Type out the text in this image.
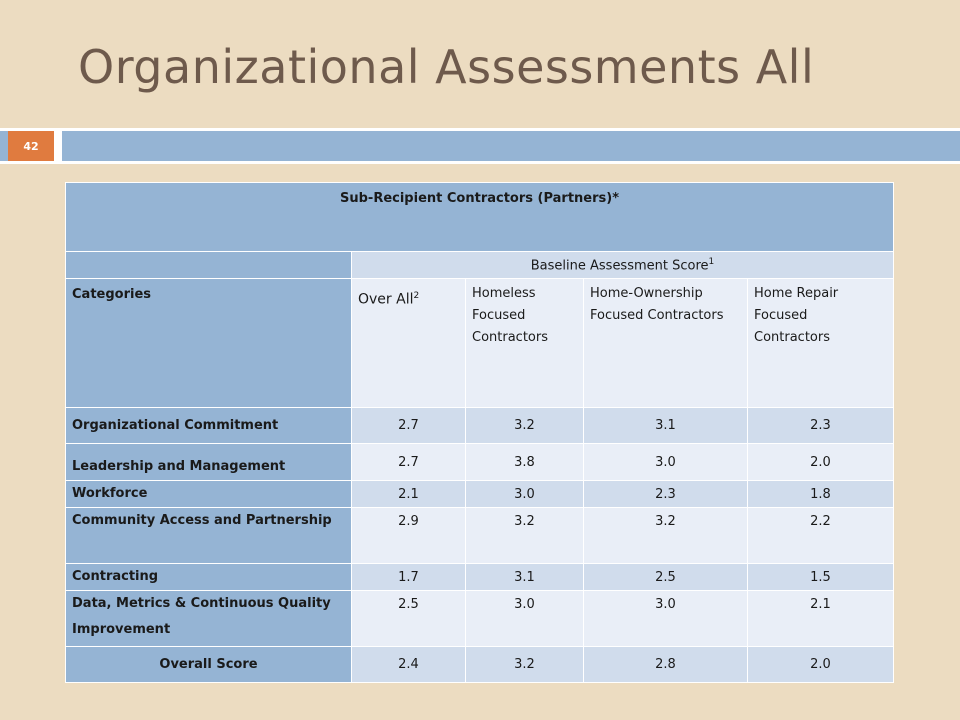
Organizational Assessments All
42
Sub-Recipient Contractors (Partners)*				
	Baseline Assessment Score$^1$
Categories	Over All$^2$	Homeless Focused Contractors	Home-Ownership Focused Contractors	Home Repair Focused Contractors
Organizational Commitment	2.7	3.2	3.1	2.3
Leadership and Management	2.7	3.8	3.0	2.0
Workforce	2.1	3.0	2.3	1.8
Community Access and Partnership	2.9	3.2	3.2	2.2
Contracting	1.7	3.1	2.5	1.5
Data, Metrics & Continuous Quality Improvement	2.5	3.0	3.0	2.1
Overall Score	2.4	3.2	2.8	2.0
